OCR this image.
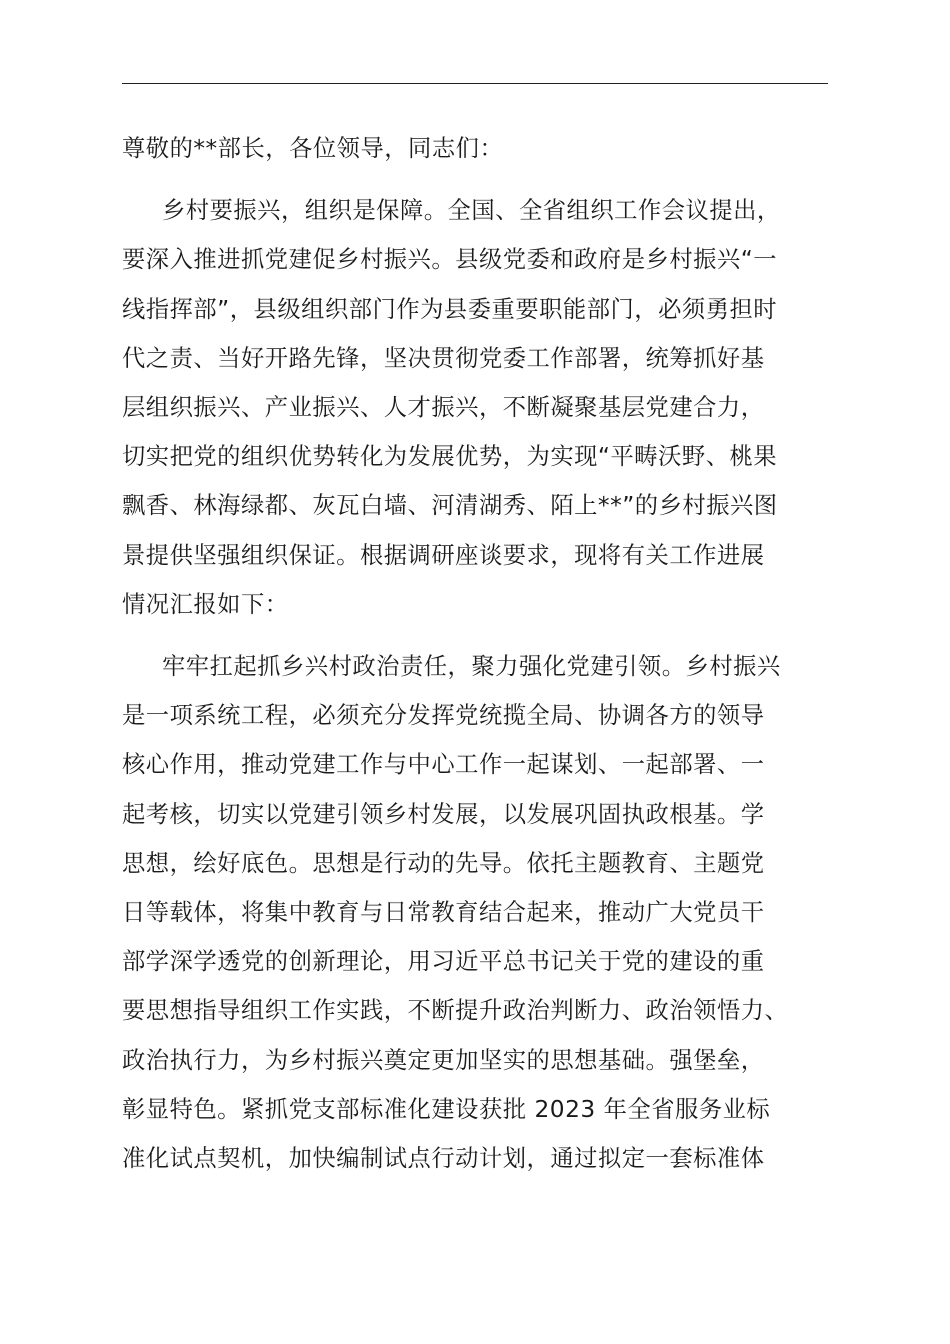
尊敬的**部长，各位领导，同志们：
乡村要振兴，组织是保障。全国、全省组织工作会议提出，
要深入推进抓党建促乡村振兴。县级党委和政府是乡村振兴“一
线指挥部”，县级组织部门作为县委重要职能部门，必须勇担时
代之责、当好开路先锋，坚决贯彻党委工作部署，统筹抓好基
层组织振兴、产业振兴、人才振兴，不断凝聚基层党建合力，
切实把党的组织优势转化为发展优势，为实现“平畴沃野、桃果
飘香、林海绿都、灰瓦白墙、河清湖秀、陌上**”的乡村振兴图
景提供坚强组织保证。根据调研座谈要求，现将有关工作进展
情况汇报如下：
牢牢扛起抓乡兴村政治责任，聚力强化党建引领。乡村振兴
是一项系统工程，必须充分发挥党统揽全局、协调各方的领导
核心作用，推动党建工作与中心工作一起谋划、一起部署、一
起考核，切实以党建引领乡村发展，以发展巩固执政根基。学
思想，绘好底色。思想是行动的先导。依托主题教育、主题党
日等载体，将集中教育与日常教育结合起来，推动广大党员干
部学深学透党的创新理论，用习近平总书记关于党的建设的重
要思想指导组织工作实践，不断提升政治判断力、政治领悟力、
政治执行力，为乡村振兴奠定更加坚实的思想基础。强堡垒，
彰显特色。紧抓党支部标准化建设获批 2023 年全省服务业标
准化试点契机，加快编制试点行动计划，通过拟定一套标准体
